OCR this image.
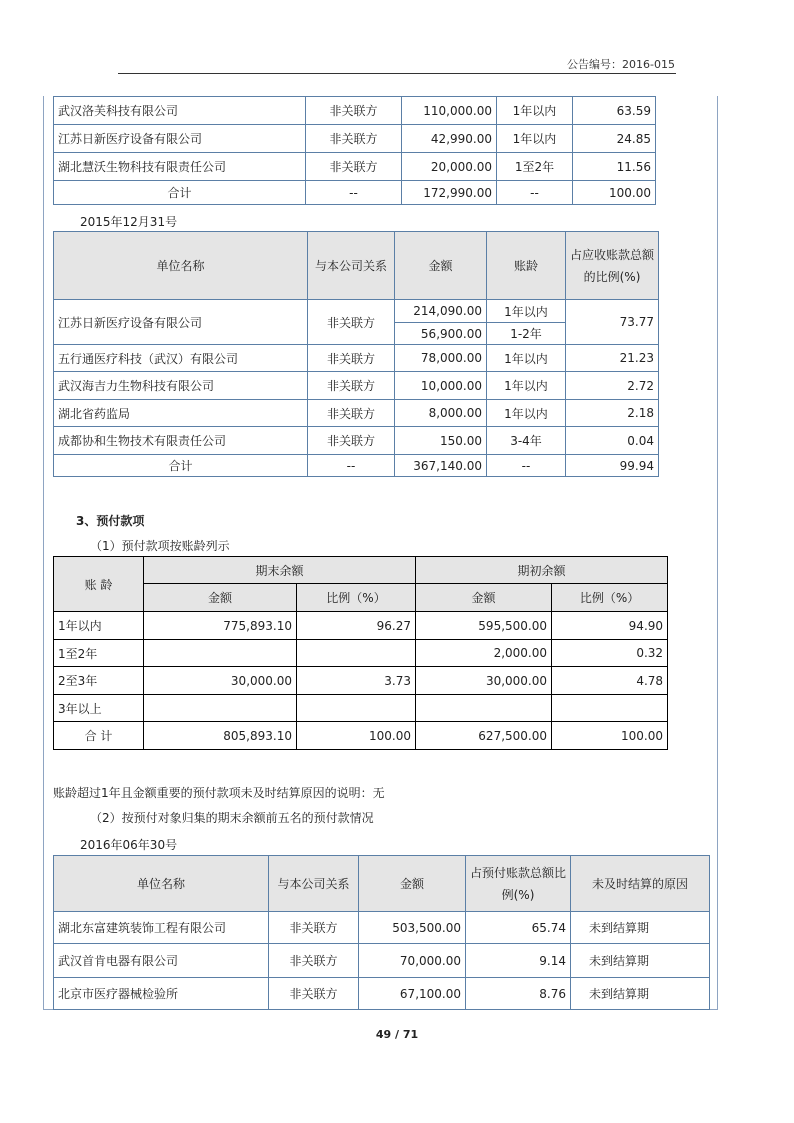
公告编号：2016-015
武汉洛芙科技有限公司	非关联方	110,000.00	1年以内	63.59
江苏日新医疗设备有限公司	非关联方	42,990.00	1年以内	24.85
湖北慧沃生物科技有限责任公司	非关联方	20,000.00	1至2年	11.56
合计	--	172,990.00	--	100.00
2015年12月31号
单位名称	与本公司关系	金额	账龄	占应收账款总额的比例(%)
江苏日新医疗设备有限公司	非关联方	214,090.00	1年以内	73.77
		56,900.00	1-2年	
五行通医疗科技（武汉）有限公司	非关联方	78,000.00	1年以内	21.23
武汉海吉力生物科技有限公司	非关联方	10,000.00	1年以内	2.72
湖北省药监局	非关联方	8,000.00	1年以内	2.18
成都协和生物技术有限责任公司	非关联方	150.00	3-4年	0.04
合计	--	367,140.00	--	99.94
3、预付款项
（1）预付款项按账龄列示
账 龄	期末余额		期初余额	
	金额	比例（%）	金额	比例（%）
1年以内	775,893.10	96.27	595,500.00	94.90
1至2年			2,000.00	0.32
2至3年	30,000.00	3.73	30,000.00	4.78
3年以上				
合 计	805,893.10	100.00	627,500.00	100.00
账龄超过1年且金额重要的预付款项未及时结算原因的说明：无
（2）按预付对象归集的期末余额前五名的预付款情况
2016年06年30号
单位名称	与本公司关系	金额	占预付账款总额比例(%)	未及时结算的原因
湖北东富建筑装饰工程有限公司	非关联方	503,500.00	65.74	未到结算期
武汉首肯电器有限公司	非关联方	70,000.00	9.14	未到结算期
北京市医疗器械检验所	非关联方	67,100.00	8.76	未到结算期
49 / 71
